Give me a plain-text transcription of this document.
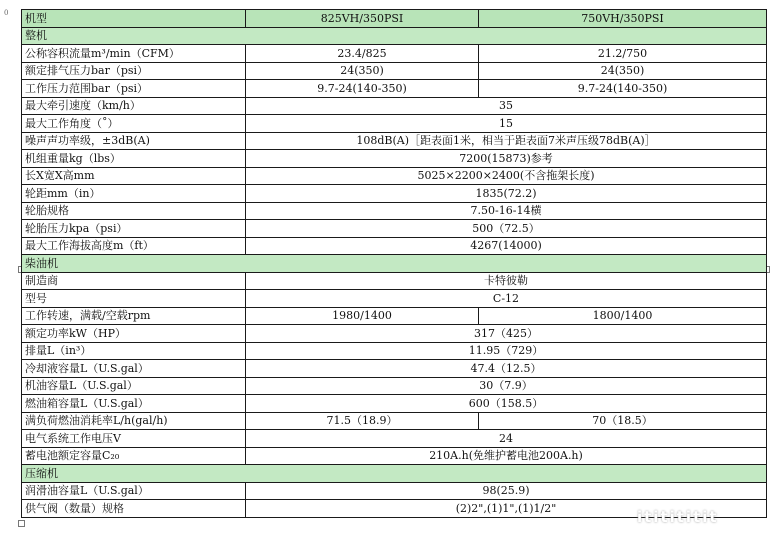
0 机型	825VH/350PSI	750VH/350PSI
整机		
公称容积流量m³/min（CFM）	23.4/825	21.2/750
额定排气压力bar（psi）	24(350)	24(350)
工作压力范围bar（psi）	9.7-24(140-350)	9.7-24(140-350)
最大牵引速度（km/h）	35	
最大工作角度（˚）	15	
噪声声功率级，±3dB(A)	108dB(A)［距表面1米，相当于距表面7米声压级78dB(A)］	
机组重量kg（lbs）	7200(15873)参考	
长X宽X高mm	5025×2200×2400(不含拖架长度)	
轮距mm（in）	1835(72.2)	
轮胎规格	7.50-16-14横	
轮胎压力kpa（psi）	500（72.5）	
最大工作海拔高度m（ft）	4267(14000)	
柴油机		
制造商	卡特彼勒	
型号	C-12	
工作转速，满载/空载rpm	1980/1400	1800/1400
额定功率kW（HP）	317（425）	
排量L（in³）	11.95（729）	
冷却液容量L（U.S.gal）	47.4（12.5）	
机油容量L（U.S.gal）	30（7.9）	
燃油箱容量L（U.S.gal）	600（158.5）	
满负荷燃油消耗率L/h(gal/h)	71.5（18.9）	70（18.5）
电气系统工作电压V	24	
蓄电池额定容量C₂₀	210A.h(免维护蓄电池200A.h)	
压缩机		
润滑油容量L（U.S.gal）	98(25.9)	
供气阀（数量）规格	(2)2",(1)1",(1)1/2"		ititititit
